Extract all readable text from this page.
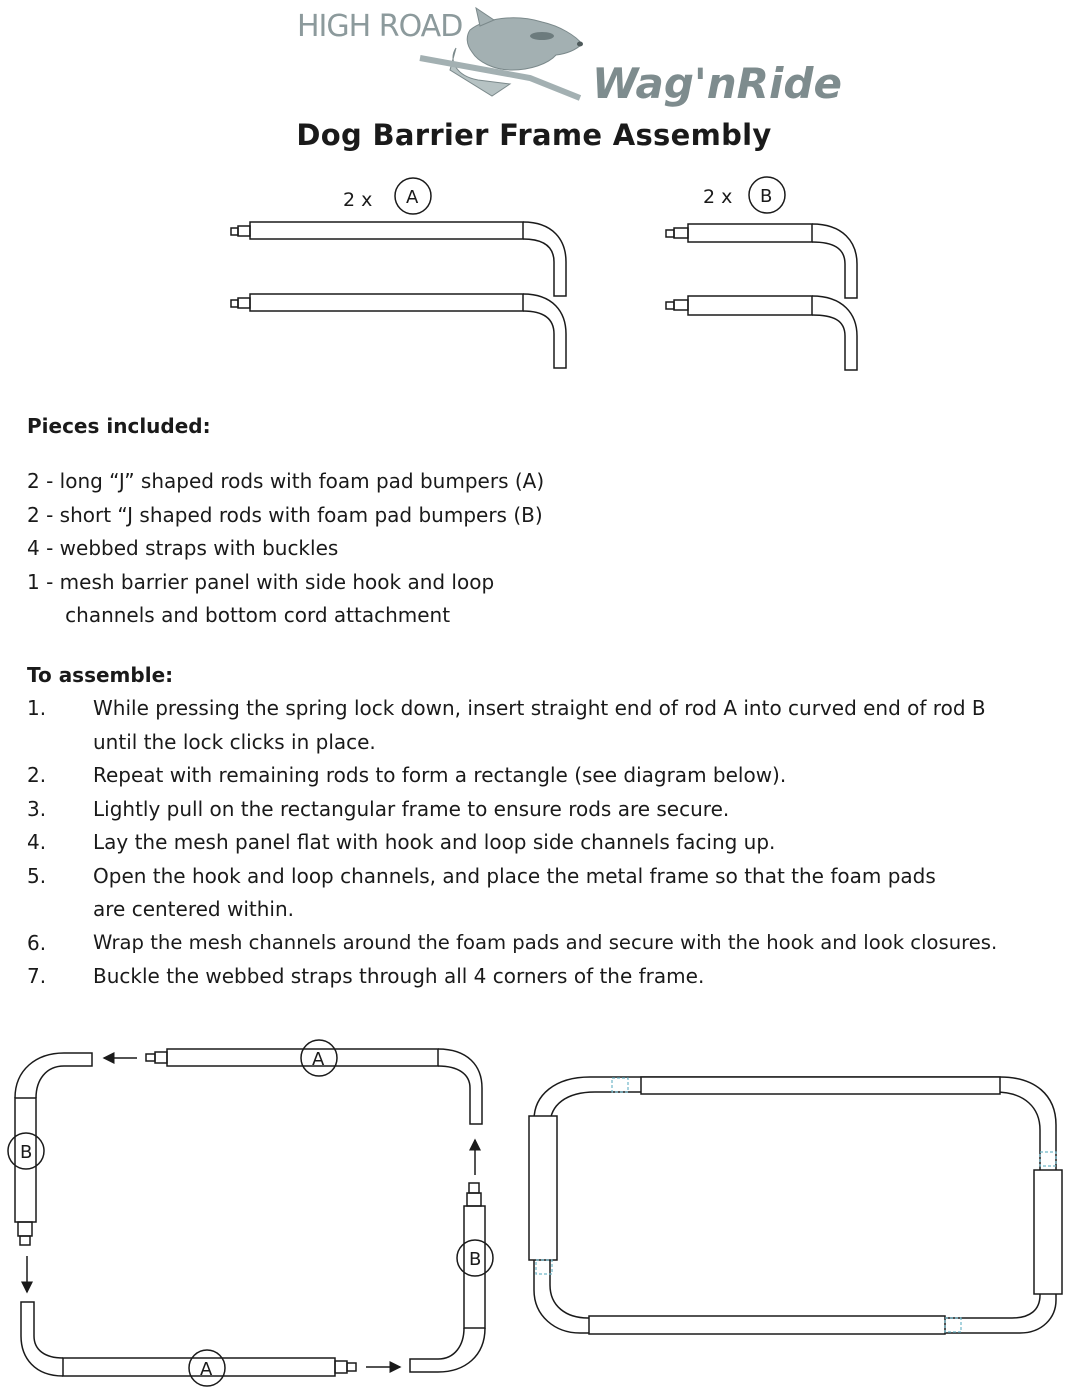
HIGH ROAD
Wag'nRide
Dog Barrier Frame Assembly
2 x A	2 x B
Pieces included:
2 - long “J” shaped rods with foam pad bumpers (A)
2 - short “J shaped rods with foam pad bumpers (B)
4 - webbed straps with buckles
1 - mesh barrier panel with side hook and loop
channels and bottom cord attachment
To assemble:
1. While pressing the spring lock down, insert straight end of rod A into curved end of rod B
until the lock clicks in place.
2. Repeat with remaining rods to form a rectangle (see diagram below).
3. Lightly pull on the rectangular frame to ensure rods are secure.
4. Lay the mesh panel flat with hook and loop side channels facing up.
5. Open the hook and loop channels, and place the metal frame so that the foam pads
are centered within.
6. Wrap the mesh channels around the foam pads and secure with the hook and look closures.
7. Buckle the webbed straps through all 4 corners of the frame.
A
B
A
B
